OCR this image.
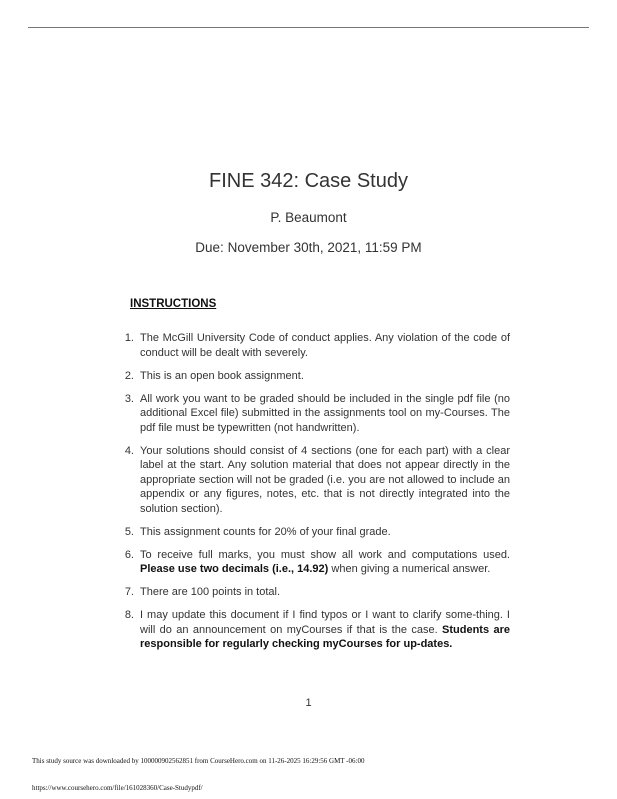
FINE 342: Case Study
P. Beaumont
Due: November 30th, 2021, 11:59 PM
INSTRUCTIONS
1. The McGill University Code of conduct applies. Any violation of the code of conduct will be dealt with severely.
2. This is an open book assignment.
3. All work you want to be graded should be included in the single pdf file (no additional Excel file) submitted in the assignments tool on my-Courses. The pdf file must be typewritten (not handwritten).
4. Your solutions should consist of 4 sections (one for each part) with a clear label at the start. Any solution material that does not appear directly in the appropriate section will not be graded (i.e. you are not allowed to include an appendix or any figures, notes, etc. that is not directly integrated into the solution section).
5. This assignment counts for 20% of your final grade.
6. To receive full marks, you must show all work and computations used. Please use two decimals (i.e., 14.92) when giving a numerical answer.
7. There are 100 points in total.
8. I may update this document if I find typos or I want to clarify some-thing. I will do an announcement on myCourses if that is the case. Students are responsible for regularly checking myCourses for up-dates.
1
This study source was downloaded by 100000902562851 from CourseHero.com on 11-26-2025 16:29:56 GMT -06:00
https://www.coursehero.com/file/161028360/Case-Studypdf/
